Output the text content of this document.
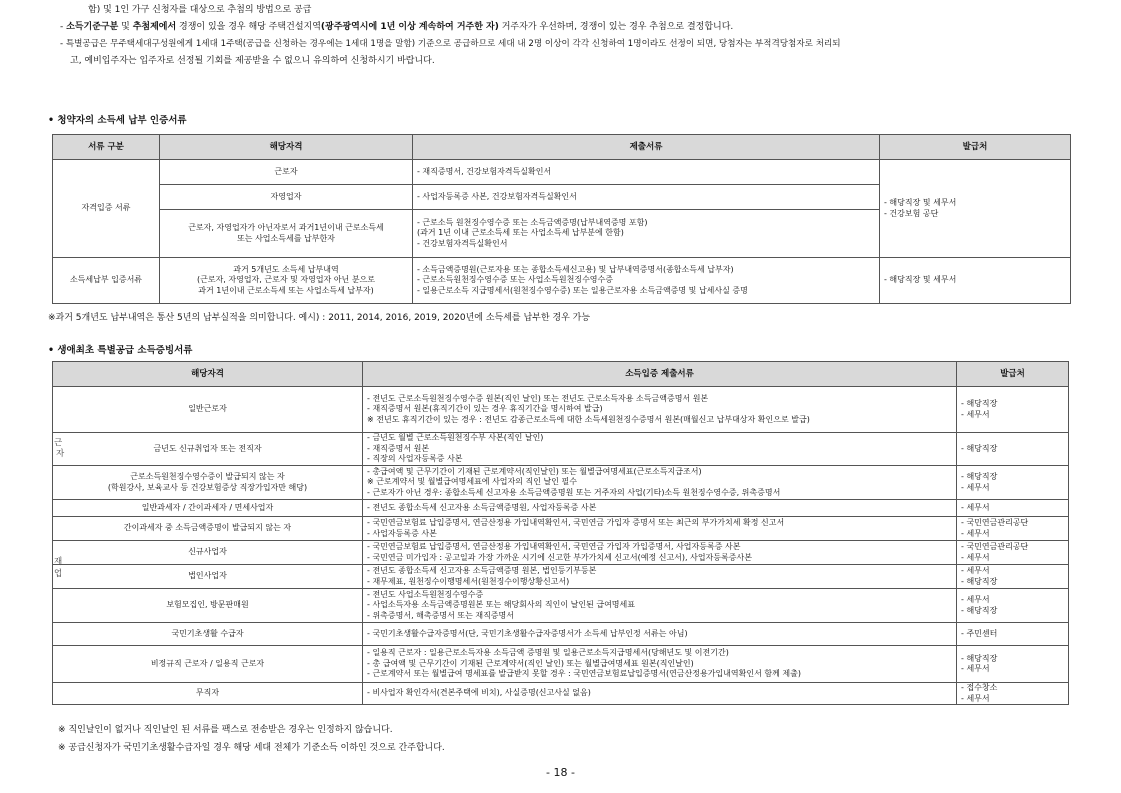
함) 및 1인 가구 신청자를 대상으로 추첨의 방법으로 공급
- 소득기준구분 및 추첨제에서 경쟁이 있을 경우 해당 주택건설지역(광주광역시에 1년 이상 계속하여 거주한 자) 거주자가 우선하며, 경쟁이 있는 경우 추첨으로 결정합니다.
- 특별공급은 무주택세대구성원에게 1세대 1주택(공급을 신청하는 경우에는 1세대 1명을 말함) 기준으로 공급하므로 세대 내 2명 이상이 각각 신청하여 1명이라도 선정이 되면, 당첨자는 부적격당첨자로 처리되
고, 예비입주자는 입주자로 선정될 기회를 제공받을 수 없으니 유의하여 신청하시기 바랍니다.
• 청약자의 소득세 납부 인증서류
서류 구분	해당자격	제출서류	발급처
자격입증 서류	근로자	- 재직증명서, 건강보험자격득실확인서	- 해당직장 및 세무서
- 건강보험 공단

	자영업자	- 사업자등록증 사본, 건강보험자격득실확인서	

	근로자, 자영업자가 아닌자로서 과거1년이내 근로소득세
또는 사업소득세를 납부한자	- 근로소득 원천징수영수증 또는 소득금액증명(납부내역증명 포함)
(과거 1년 이내 근로소득세 또는 사업소득세 납부분에 한함)
- 건강보험자격득실확인서	

소득세납부 입증서류	과거 5개년도 소득세 납부내역
(근로자, 자영업자, 근로자 및 자영업자 아닌 분으로
과거 1년이내 근로소득세 또는 사업소득세 납부자)	- 소득금액증명원(근로자용 또는 종합소득세신고용) 및 납부내역증명서(종합소득세 납부자)
- 근로소득원천징수영수증 또는 사업소득원천징수영수증
- 일용근로소득 지급명세서(원천징수영수증) 또는 일용근로자용 소득금액증명 및 납세사실 증명	- 해당직장 및 세무서
※과거 5개년도 납부내역은 통산 5년의 납부실적을 의미합니다. 예시) : 2011, 2014, 2016, 2019, 2020년에 소득세를 납부한 경우 가능
• 생애최초 특별공급 소득증빙서류
근
자
재
업
해당자격	소득입증 제출서류	발급처

일반근로자	- 전년도 근로소득원천징수영수증 원본(직인 날인) 또는 전년도 근로소득자용 소득금액증명서 원본
- 재직증명서 원본(휴직기간이 있는 경우 휴직기간을 명시하여 발급)
※ 전년도 휴직기간이 있는 경우 : 전년도 감종근로소득에 대한 소득세원천징수증명서 원본(매월신고 납부대상자 확인으로 발급)	- 해당직장
- 세무서

금년도 신규취업자 또는 전직자	- 금년도 월별 근로소득원천징수부 사본(직인 날인)
- 재직증명서 원본
- 직장의 사업자등록증 사본	- 해당직장

근로소득원천징수영수증이 발급되지 않는 자
(학원강사, 보육교사 등 건강보험증상 직장가입자만 해당)	- 총급여액 및 근무기간이 기재된 근로계약서(직인날인) 또는 월별급여명세표(근로소득지급조서)
※ 근로계약서 및 월별급여명세표에 사업자의 직인 날인 필수
- 근로자가 아닌 경우: 종합소득세 신고자용 소득금액증명원 또는 거주자의 사업(기타)소득 원천징수영수증, 위촉증명서	- 해당직장
- 세무서

일반과세자 / 간이과세자 / 면세사업자	- 전년도 종합소득세 신고자용 소득금액증명원, 사업자등록증 사본	- 세무서

간이과세자 중 소득금액증명이 발급되지 않는 자	- 국민연금보험료 납입증명서, 연금산정용 가입내역확인서, 국민연금 가입자 증명서 또는 최근의 부가가치세 확정 신고서
- 사업자등록증 사본	- 국민연금관리공단
- 세무서

신규사업자	- 국민연금보험료 납입증명서, 연금산정용 가입내역확인서, 국민연금 가입자 가입증명서, 사업자등록증 사본
- 국민연금 미가입자 : 공고일과 가장 가까운 시기에 신고한 부가가치세 신고서(예정 신고서), 사업자등록증사본	- 국민연금관리공단
- 세무서

법인사업자	- 전년도 종합소득세 신고자용 소득금액증명 원본, 법인등기부등본
- 재무제표, 원천징수이행명세서(원천징수이행상황신고서)	- 세무서
- 해당직장

보험모집인, 방문판매원	- 전년도 사업소득원천징수영수증
- 사업소득자용 소득금액증명원본 또는 해당회사의 직인이 날인된 급여명세표
- 위촉증명서, 해촉증명서 또는 재직증명서	- 세무서
- 해당직장

국민기초생활 수급자	- 국민기초생활수급자증명서(단, 국민기초생활수급자증명서가 소득세 납부인정 서류는 아님)	- 주민센터

비정규직 근로자 / 일용직 근로자	- 일용직 근로자 : 일용근로소득자용 소득금액 증명원 및 일용근로소득지급명세서(당해년도 및 이전기간)
- 총 급여액 및 근무기간이 기재된 근로계약서(직인 날인) 또는 월별급여명세표 원본(직인날인)
- 근로계약서 또는 월별급여 명세표를 발급받지 못할 경우 : 국민연금보험료납입증명서(연금산정용가입내역확인서 함께 제출)	- 해당직장
- 세무서

무직자	- 비사업자 확인각서(견본주택에 비치), 사실증명(신고사실 없음)	- 접수창소
- 세무서
※ 직인날인이 없거나 직인날인 된 서류를 팩스로 전송받은 경우는 인정하지 않습니다.
※ 공급신청자가 국민기초생활수급자일 경우 해당 세대 전체가 기준소득 이하인 것으로 간주합니다.
- 18 -
